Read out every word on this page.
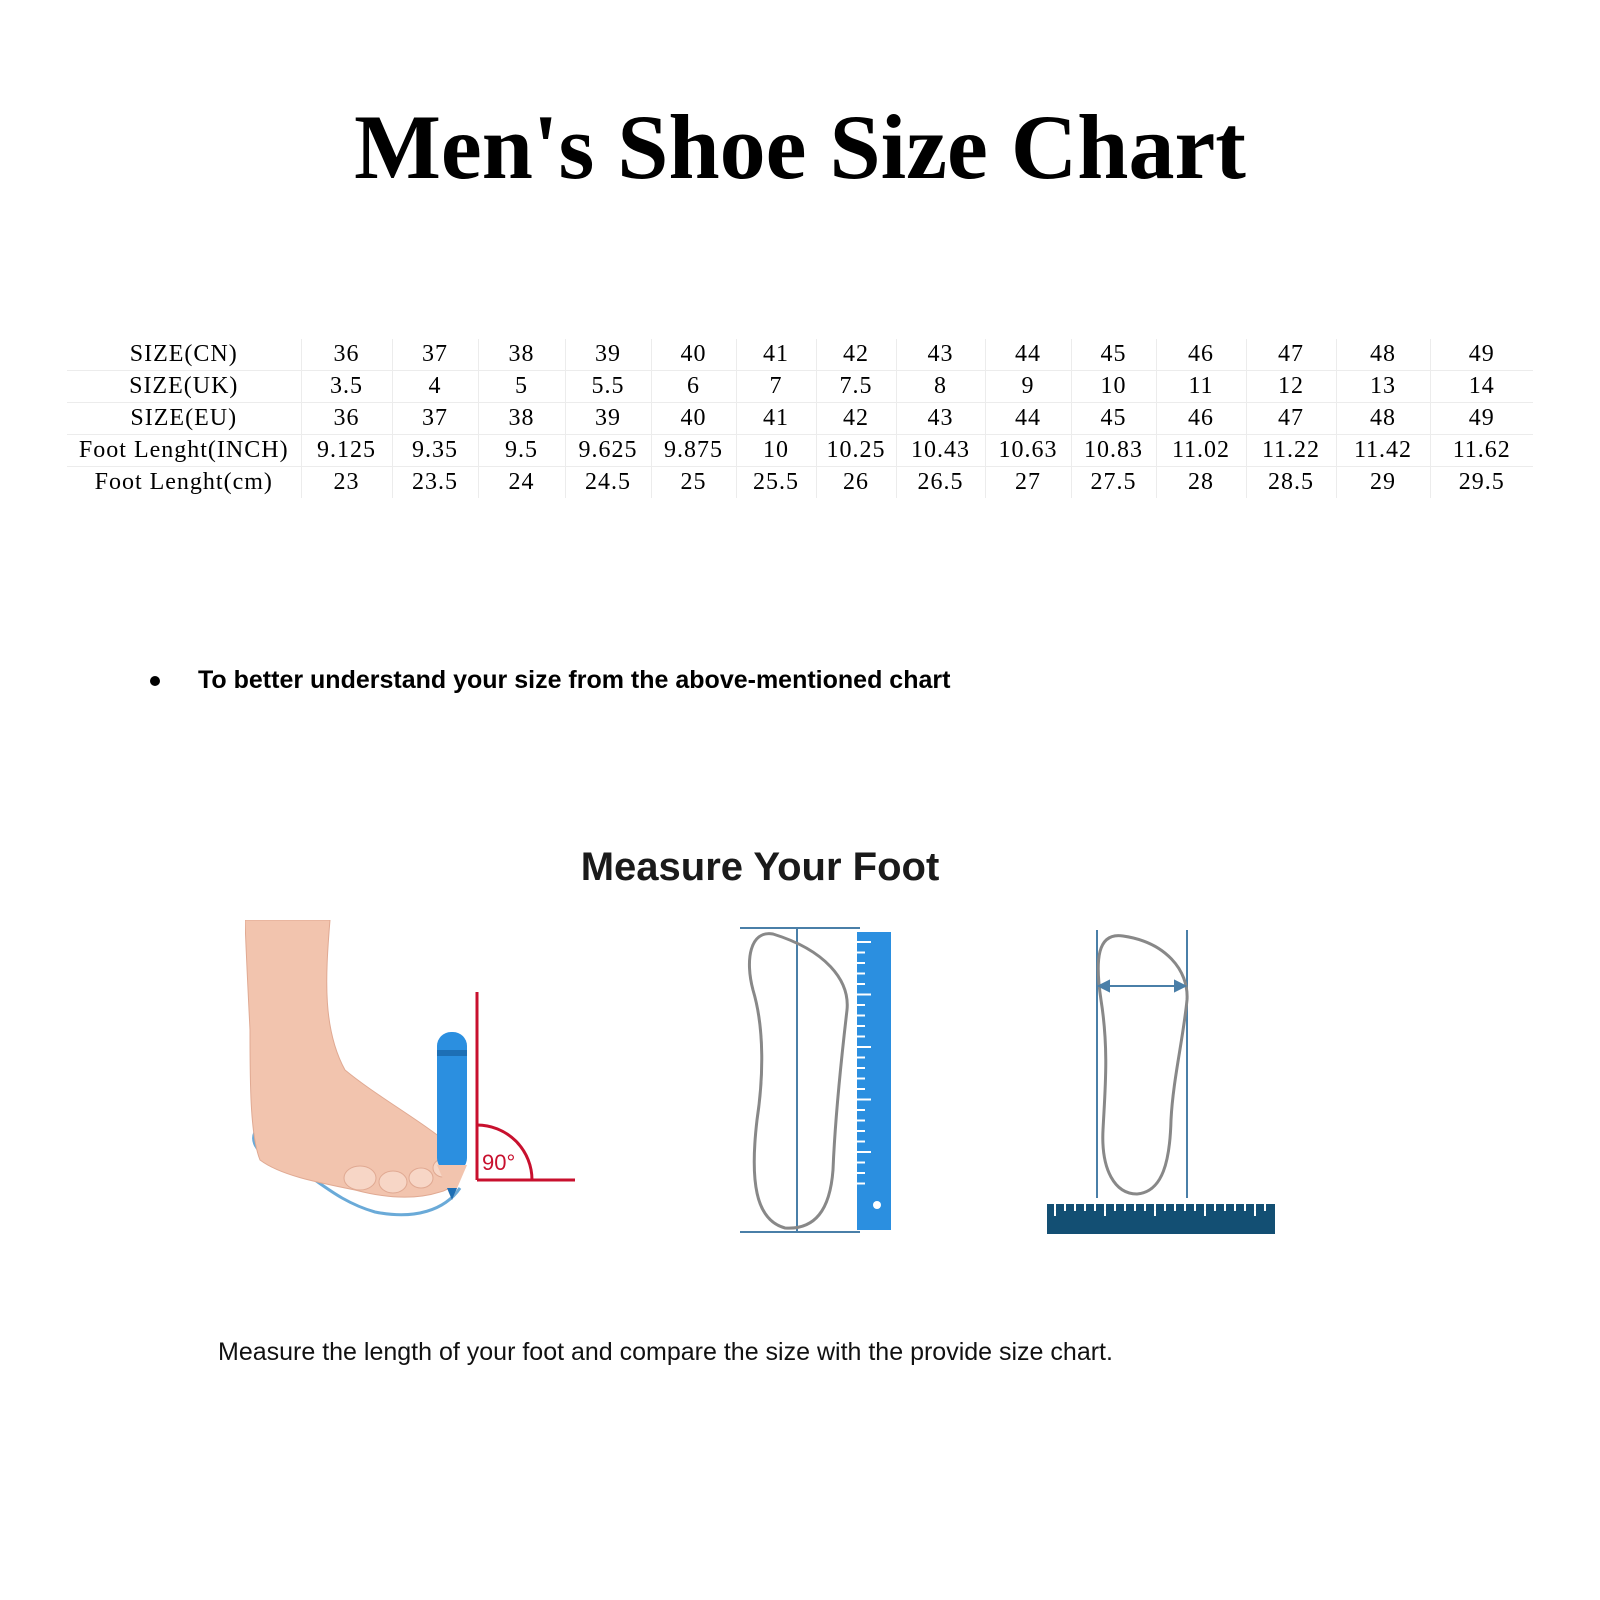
Men's Shoe Size Chart
SIZE(CN)	36	37	38	39	40	41	42	43	44	45	46	47	48	49
SIZE(UK)	3.5	4	5	5.5	6	7	7.5	8	9	10	11	12	13	14
SIZE(EU)	36	37	38	39	40	41	42	43	44	45	46	47	48	49
Foot Lenght(INCH)	9.125	9.35	9.5	9.625	9.875	10	10.25	10.43	10.63	10.83	11.02	11.22	11.42	11.62
Foot Lenght(cm)	23	23.5	24	24.5	25	25.5	26	26.5	27	27.5	28	28.5	29	29.5
To better understand your size from the above-mentioned chart
Measure Your Foot
90°
Measure the length of your foot and compare the size with the provide size chart.
